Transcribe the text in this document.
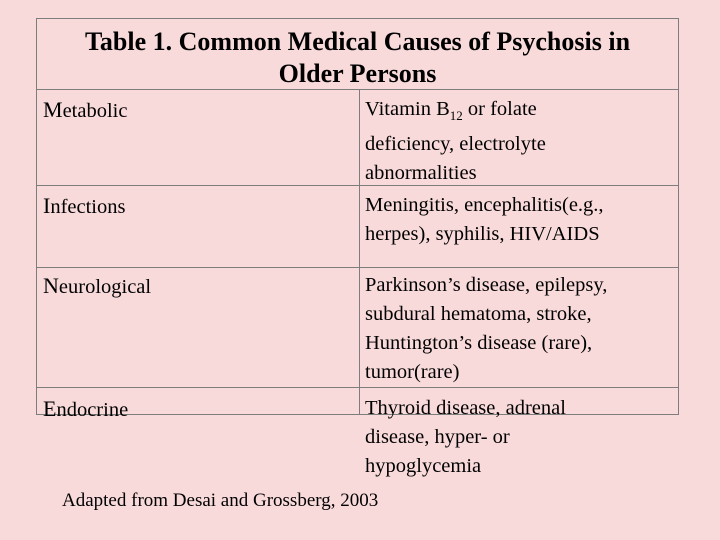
Table 1. Common Medical Causes of Psychosis in
Older Persons
Metabolic	Vitamin $B_{12}$ or folate
deficiency, electrolyte
abnormalities
Infections	Meningitis, encephalitis(e.g.,
herpes), syphilis, HIV/AIDS
Neurological	Parkinson’s disease, epilepsy,
subdural hematoma, stroke,
Huntington’s disease (rare),
tumor(rare)
Endocrine	Thyroid disease, adrenal
disease, hyper- or
hypoglycemia
Adapted from Desai and Grossberg, 2003
